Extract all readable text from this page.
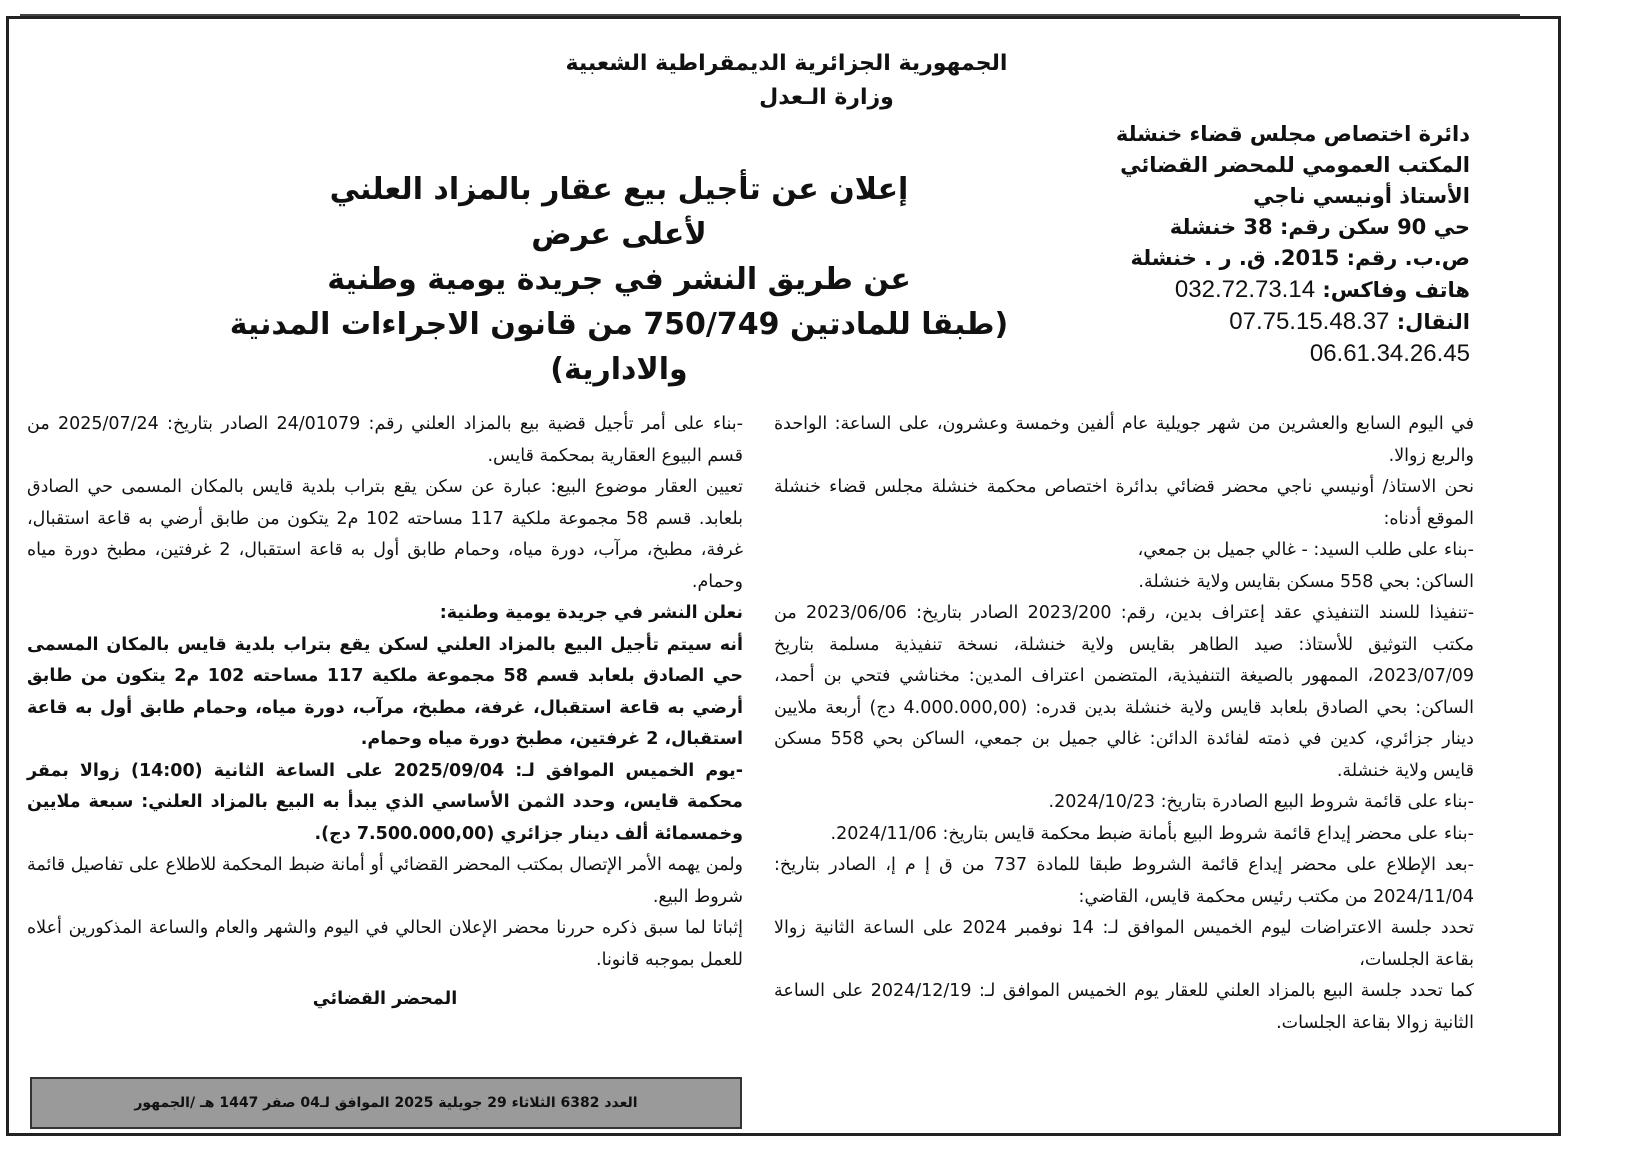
الجمهورية الجزائرية الديمقراطية الشعبية
وزارة الـعدل
دائرة اختصاص مجلس قضاء خنشلة
المكتب العمومي للمحضر القضائي
الأستاذ أونيسي ناجي
حي 90 سكن رقم: 38 خنشلة
ص.ب. رقم: 2015. ق. ر . خنشلة
هاتف وفاكس: 032.72.73.14
النقال: 07.75.15.48.37
06.61.34.26.45
إعلان عن تأجيل بيع عقار بالمزاد العلني
لأعلى عرض
عن طريق النشر في جريدة يومية وطنية
(طبقا للمادتين 750/749 من قانون الاجراءات المدنية والادارية)

في اليوم السابع والعشرين من شهر جويلية عام ألفين وخمسة وعشرون، على الساعة: الواحدة والربع زوالا.

نحن الاستاذ/ أونيسي ناجي محضر قضائي بدائرة اختصاص محكمة خنشلة مجلس قضاء خنشلة الموقع أدناه:

-بناء على طلب السيد: - غالي جميل بن جمعي،

الساكن: بحي 558 مسكن بقايس ولاية خنشلة.

-تنفيذا للسند التنفيذي عقد إعتراف بدين، رقم: 2023/200 الصادر بتاريخ: 2023/06/06 من مكتب التوثيق للأستاذ: صيد الطاهر بقايس ولاية خنشلة، نسخة تنفيذية مسلمة بتاريخ 2023/07/09، الممهور بالصيغة التنفيذية، المتضمن اعتراف المدين: مخناشي فتحي بن أحمد، الساكن: بحي الصادق بلعابد قايس ولاية خنشلة بدين قدره: (4.000.000,00 دج) أربعة ملايين دينار جزائري، كدين في ذمته لفائدة الدائن: غالي جميل بن جمعي، الساكن بحي 558 مسكن قايس ولاية خنشلة.

-بناء على قائمة شروط البيع الصادرة بتاريخ: 2024/10/23.

-بناء على محضر إيداع قائمة شروط البيع بأمانة ضبط محكمة قايس بتاريخ: 2024/11/06.

-بعد الإطلاع على محضر إيداع قائمة الشروط طبقا للمادة 737 من ق إ م إ، الصادر بتاريخ: 2024/11/04 من مكتب رئيس محكمة قايس، القاضي:

تحدد جلسة الاعتراضات ليوم الخميس الموافق لـ: 14 نوفمبر 2024 على الساعة الثانية زوالا بقاعة الجلسات،

كما تحدد جلسة البيع بالمزاد العلني للعقار يوم الخميس الموافق لـ: 2024/12/19 على الساعة الثانية زوالا بقاعة الجلسات.

-بناء على أمر تأجيل قضية بيع بالمزاد العلني رقم: 24/01079 الصادر بتاريخ: 2025/07/24 من قسم البيوع العقارية بمحكمة قايس.

تعيين العقار موضوع البيع: عبارة عن سكن يقع بتراب بلدية قايس بالمكان المسمى حي الصادق بلعابد. قسم 58 مجموعة ملكية 117 مساحته 102 م2 يتكون من طابق أرضي به قاعة استقبال، غرفة، مطبخ، مرآب، دورة مياه، وحمام طابق أول به قاعة استقبال، 2 غرفتين، مطبخ دورة مياه وحمام.

نعلن النشر في جريدة يومية وطنية:

أنه سيتم تأجيل البيع بالمزاد العلني لسكن يقع بتراب بلدية قايس بالمكان المسمى حي الصادق بلعابد قسم 58 مجموعة ملكية 117 مساحته 102 م2 يتكون من طابق أرضي به قاعة استقبال، غرفة، مطبخ، مرآب، دورة مياه، وحمام طابق أول به قاعة استقبال، 2 غرفتين، مطبخ دورة مياه وحمام.

-يوم الخميس الموافق لـ: 2025/09/04 على الساعة الثانية (14:00) زوالا بمقر محكمة قايس، وحدد الثمن الأساسي الذي يبدأ به البيع بالمزاد العلني: سبعة ملايين وخمسمائة ألف دينار جزائري (7.500.000,00 دج).

ولمن يهمه الأمر الإتصال بمكتب المحضر القضائي أو أمانة ضبط المحكمة للاطلاع على تفاصيل قائمة شروط البيع.

إثباتا لما سبق ذكره حررنا محضر الإعلان الحالي في اليوم والشهر والعام والساعة المذكورين أعلاه للعمل بموجبه قانونا.

المحضر القضائي

العدد 6382 الثلاثاء 29 جويلية 2025 الموافق لـ04 صفر 1447 هـ /الجمهور
